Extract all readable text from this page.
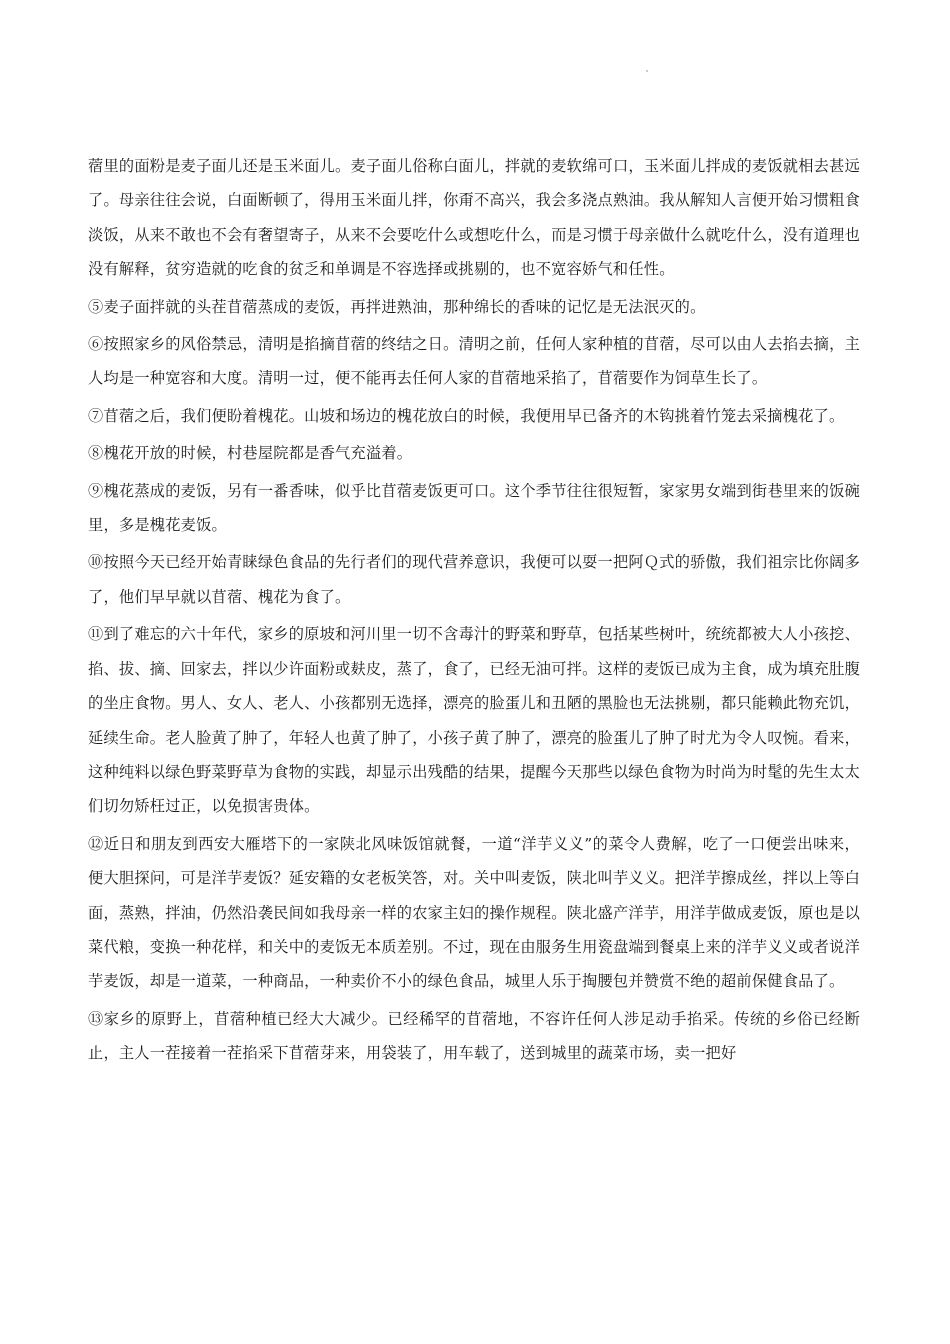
蓿里的面粉是麦子面儿还是玉米面儿。麦子面儿俗称白面儿，拌就的麦软绵可口，玉米面儿拌成的麦饭就相去甚远了。母亲往往会说，白面断顿了，得用玉米面儿拌，你甭不高兴，我会多浇点熟油。我从解知人言便开始习惯粗食淡饭，从来不敢也不会有奢望寄子，从来不会要吃什么或想吃什么，而是习惯于母亲做什么就吃什么，没有道理也没有解释，贫穷造就的吃食的贫乏和单调是不容选择或挑剔的，也不宽容娇气和任性。

⑤麦子面拌就的头茬苜蓿蒸成的麦饭，再拌进熟油，那种绵长的香味的记忆是无法泯灭的。

⑥按照家乡的风俗禁忌，清明是掐摘苜蓿的终结之日。清明之前，任何人家种植的苜蓿，尽可以由人去掐去摘，主人均是一种宽容和大度。清明一过，便不能再去任何人家的苜蓿地采掐了，苜蓿要作为饲草生长了。

⑦苜蓿之后，我们便盼着槐花。山坡和场边的槐花放白的时候，我便用早已备齐的木钩挑着竹笼去采摘槐花了。

⑧槐花开放的时候，村巷屋院都是香气充溢着。

⑨槐花蒸成的麦饭，另有一番香味，似乎比苜蓿麦饭更可口。这个季节往往很短暂，家家男女端到街巷里来的饭碗里，多是槐花麦饭。

⑩按照今天已经开始青睐绿色食品的先行者们的现代营养意识，我便可以耍一把阿Ｑ式的骄傲，我们祖宗比你阔多了，他们早早就以苜蓿、槐花为食了。

⑪到了难忘的六十年代，家乡的原坡和河川里一切不含毒汁的野菜和野草，包括某些树叶，统统都被大人小孩挖、掐、拔、摘、回家去，拌以少许面粉或麸皮，蒸了，食了，已经无油可拌。这样的麦饭已成为主食，成为填充肚腹的坐庄食物。男人、女人、老人、小孩都别无选择，漂亮的脸蛋儿和丑陋的黑脸也无法挑剔，都只能赖此物充饥，延续生命。老人脸黄了肿了，年轻人也黄了肿了，小孩子黄了肿了，漂亮的脸蛋儿了肿了时尤为令人叹惋。看来，这种纯料以绿色野菜野草为食物的实践，却显示出残酷的结果，提醒今天那些以绿色食物为时尚为时髦的先生太太们切勿矫枉过正，以免损害贵体。

⑫近日和朋友到西安大雁塔下的一家陕北风味饭馆就餐，一道“洋芋义义”的菜令人费解，吃了一口便尝出味来，便大胆探问，可是洋芋麦饭？延安籍的女老板笑答，对。关中叫麦饭，陕北叫芋义义。把洋芋擦成丝，拌以上等白面，蒸熟，拌油，仍然沿袭民间如我母亲一样的农家主妇的操作规程。陕北盛产洋芋，用洋芋做成麦饭，原也是以菜代粮，变换一种花样，和关中的麦饭无本质差别。不过，现在由服务生用瓷盘端到餐桌上来的洋芋义义或者说洋芋麦饭，却是一道菜，一种商品，一种卖价不小的绿色食品，城里人乐于掏腰包并赞赏不绝的超前保健食品了。

⑬家乡的原野上，苜蓿种植已经大大减少。已经稀罕的苜蓿地，不容许任何人涉足动手掐采。传统的乡俗已经断止，主人一茬接着一茬掐采下苜蓿芽来，用袋装了，用车载了，送到城里的蔬菜市场，卖一把好
